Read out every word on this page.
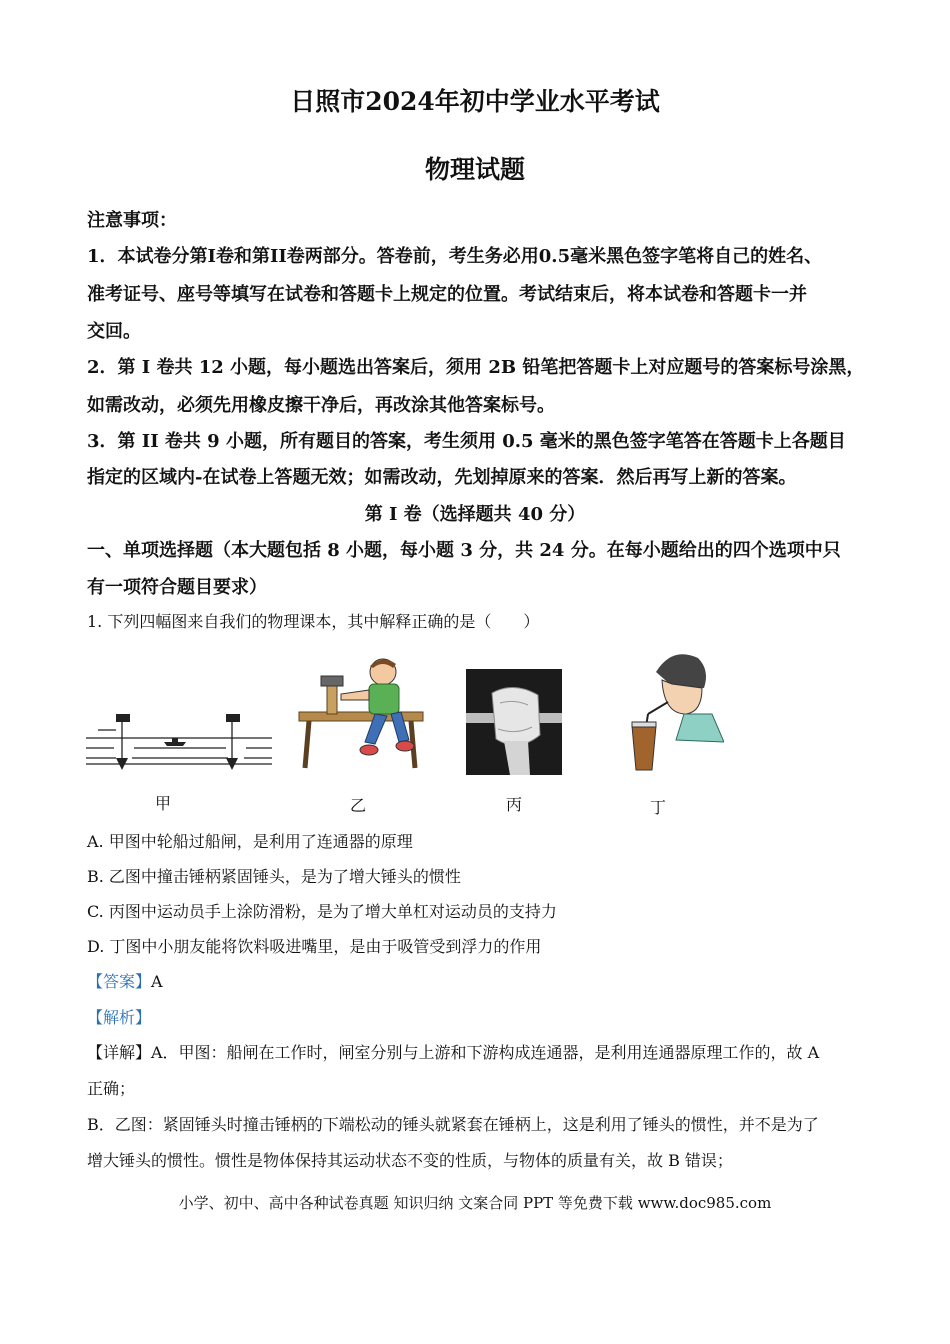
日照市2024年初中学业水平考试
物理试题
注意事项：
1．本试卷分第I卷和第II卷两部分。答卷前，考生务必用0.5毫米黑色签字笔将自己的姓名、
准考证号、座号等填写在试卷和答题卡上规定的位置。考试结束后，将本试卷和答题卡一并
交回。
2．第 I 卷共 12 小题，每小题选出答案后，须用 2B 铅笔把答题卡上对应题号的答案标号涂黑，
如需改动，必须先用橡皮擦干净后，再改涂其他答案标号。
3．第 II 卷共 9 小题，所有题目的答案，考生须用 0.5 毫米的黑色签字笔答在答题卡上各题目
指定的区域内-在试卷上答题无效；如需改动，先划掉原来的答案．然后再写上新的答案。
第 I 卷（选择题共 40 分）
一、单项选择题（本大题包括 8 小题，每小题 3 分，共 24 分。在每小题给出的四个选项中只
有一项符合题目要求）
1. 下列四幅图来自我们的物理课本，其中解释正确的是（　　）
甲	乙	丙	丁
A. 甲图中轮船过船闸，是利用了连通器的原理
B. 乙图中撞击锤柄紧固锤头，是为了增大锤头的惯性
C. 丙图中运动员手上涂防滑粉，是为了增大单杠对运动员的支持力
D. 丁图中小朋友能将饮料吸进嘴里，是由于吸管受到浮力的作用
【答案】A
【解析】
【详解】A．甲图：船闸在工作时，闸室分别与上游和下游构成连通器，是利用连通器原理工作的，故 A
正确；
B．乙图：紧固锤头时撞击锤柄的下端松动的锤头就紧套在锤柄上，这是利用了锤头的惯性，并不是为了
增大锤头的惯性。惯性是物体保持其运动状态不变的性质，与物体的质量有关，故 B 错误；
小学、初中、高中各种试卷真题 知识归纳 文案合同 PPT 等免费下载 www.doc985.com
